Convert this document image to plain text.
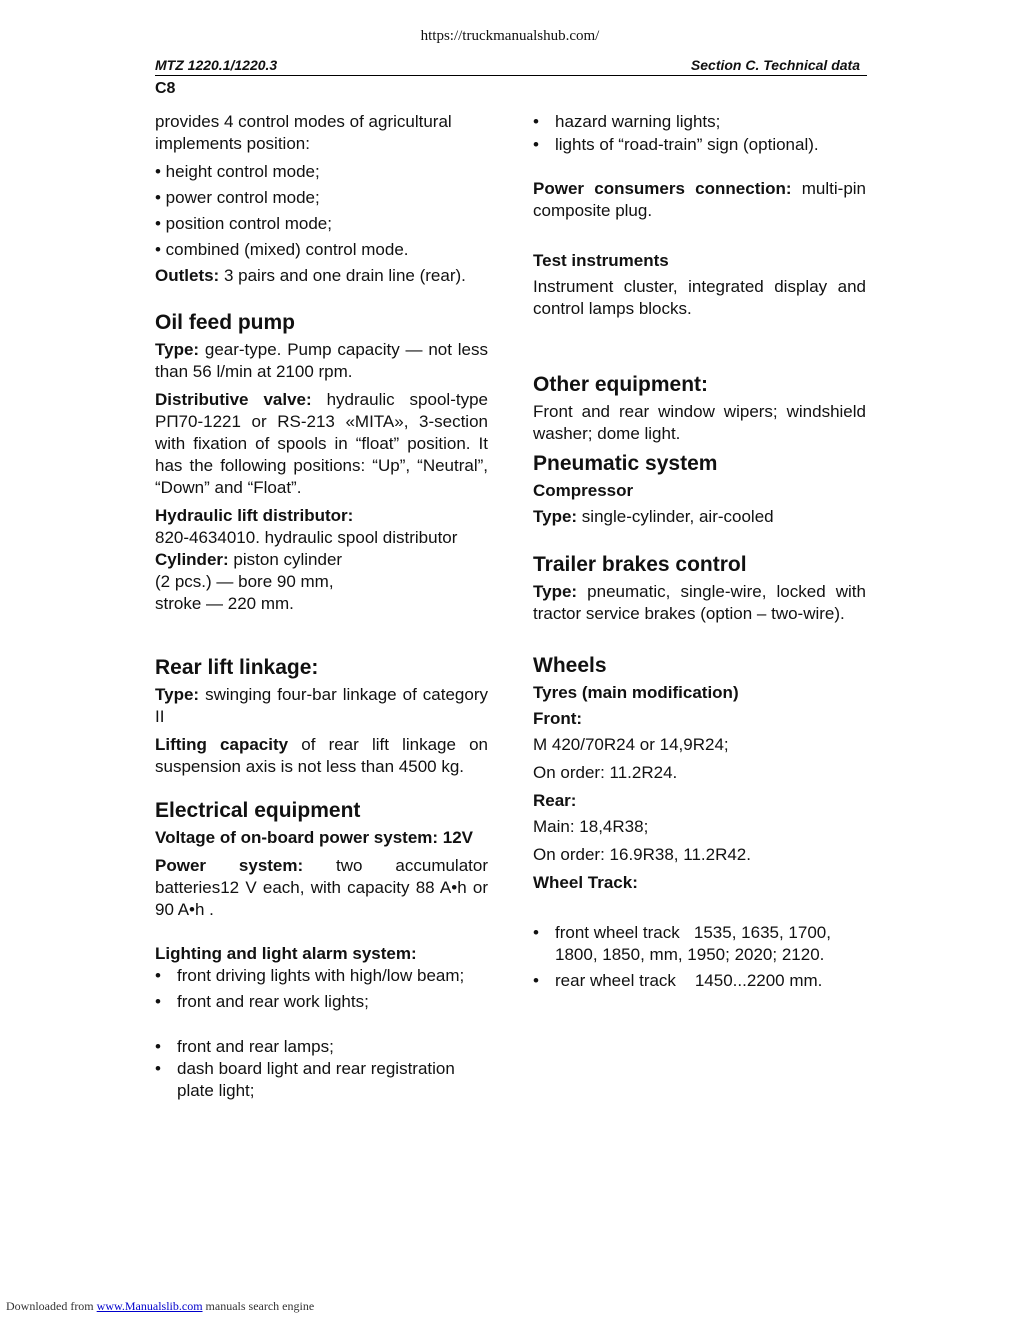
https://truckmanualshub.com/
MTZ 1220.1/1220.3	Section C. Technical data
C8

provides 4 control modes of agricultural implements position:

• height control mode;

• power control mode;

• position control mode;

• combined (mixed) control mode.

Outlets: 3 pairs and one drain line (rear).

Oil feed pump

Type: gear-type. Pump capacity — not less than 56 l/min at 2100 rpm.

Distributive valve: hydraulic spool-type РП70-1221 or RS-213 «MITA», 3-section with fixation of spools in “float” position. It has the following positions: “Up”, “Neutral”, “Down” and “Float”.

Hydraulic lift distributor:

820-4634010. hydraulic spool distributor

Cylinder: piston cylinder
(2 pcs.) — bore 90 mm,
stroke — 220 mm.

Rear lift linkage:

Type: swinging four-bar linkage of category II

Lifting capacity of rear lift linkage on suspension axis is not less than 4500 kg.

Electrical equipment

Voltage of on-board power system: 12V

Power system: two accumulator batteries12 V each, with capacity 88 A•h or 90 A•h .

Lighting and light alarm system:
• front driving lights with high/low beam;
• front and rear work lights;
• front and rear lamps;
• dash board light and rear registration plate light;
• hazard warning lights;
• lights of “road-train” sign (optional).

Power consumers connection: multi-pin composite plug.

Test instruments

Instrument cluster, integrated display and control lamps blocks.

Other equipment:

Front and rear window wipers; windshield washer; dome light.

Pneumatic system
Compressor

Type: single-cylinder, air-cooled

Trailer brakes control

Type: pneumatic, single-wire, locked with tractor service brakes (option – two-wire).

Wheels
Tyres (main modification)
Front:

M 420/70R24 or 14,9R24;

On order: 11.2R24.

Rear:

Main: 18,4R38;

On order: 16.9R38, 11.2R42.

Wheel Track:
• front wheel track   1535, 1635, 1700, 1800, 1850, mm, 1950; 2020; 2120.
• rear wheel track    1450...2200 mm.
Downloaded from www.Manualslib.com manuals search engine
